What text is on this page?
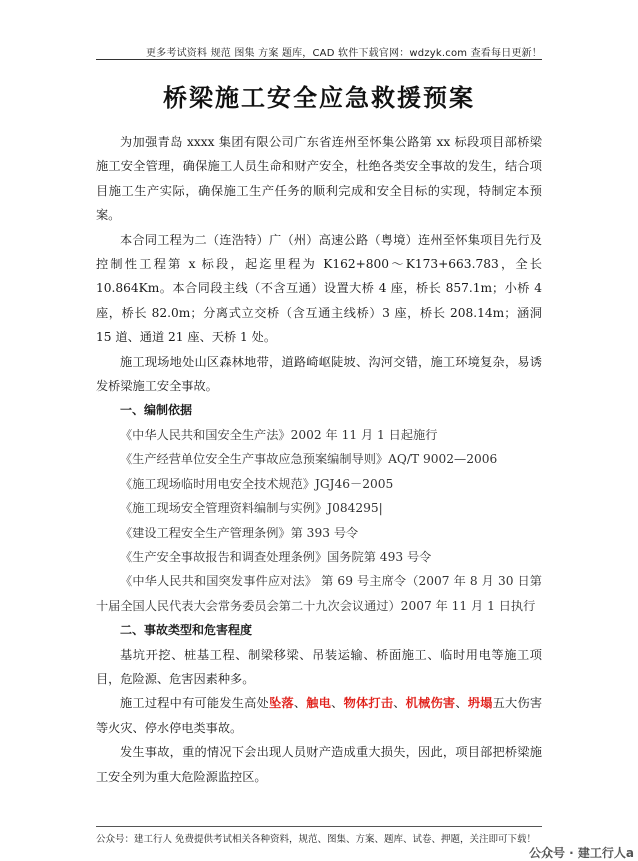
更多考试资料 规范 图集 方案 题库，CAD 软件下载官网：wdzyk.com 查看每日更新！
桥梁施工安全应急救援预案

为加强青岛 xxxx 集团有限公司广东省连州至怀集公路第 xx 标段项目部桥梁施工安全管理，确保施工人员生命和财产安全，杜绝各类安全事故的发生，结合项目施工生产实际，确保施工生产任务的顺利完成和安全目标的实现，特制定本预案。

本合同工程为二（连浩特）广（州）高速公路（粤境）连州至怀集项目先行及控制性工程第 x 标段，起迄里程为 K162+800～K173+663.783，全长 10.864Km。本合同段主线（不含互通）设置大桥 4 座，桥长 857.1m；小桥 4 座，桥长 82.0m；分离式立交桥（含互通主线桥）3 座，桥长 208.14m；涵洞 15 道、通道 21 座、天桥 1 处。

施工现场地处山区森林地带，道路崎岖陡坡、沟河交错，施工环境复杂，易诱发桥梁施工安全事故。

一、编制依据

《中华人民共和国安全生产法》2002 年 11 月 1 日起施行

《生产经营单位安全生产事故应急预案编制导则》AQ/T 9002—2006

《施工现场临时用电安全技术规范》JGJ46－2005

《施工现场安全管理资料编制与实例》J084295|

《建设工程安全生产管理条例》第 393 号令

《生产安全事故报告和调查处理条例》国务院第 493 号令

《中华人民共和国突发事件应对法》 第 69 号主席令（2007 年 8 月 30 日第十届全国人民代表大会常务委员会第二十九次会议通过）2007 年 11 月 1 日执行

二、事故类型和危害程度

基坑开挖、桩基工程、制梁移梁、吊装运输、桥面施工、临时用电等施工项目，危险源、危害因素种多。

施工过程中有可能发生高处坠落、触电、物体打击、机械伤害、坍塌五大伤害等火灾、停水停电类事故。

发生事故，重的情况下会出现人员财产造成重大损失，因此，项目部把桥梁施工安全列为重大危险源监控区。

公众号：建工行人 免费提供考试相关各种资料，规范、图集、方案、题库、试卷、押题，关注即可下载！
公众号 · 建工行人a
